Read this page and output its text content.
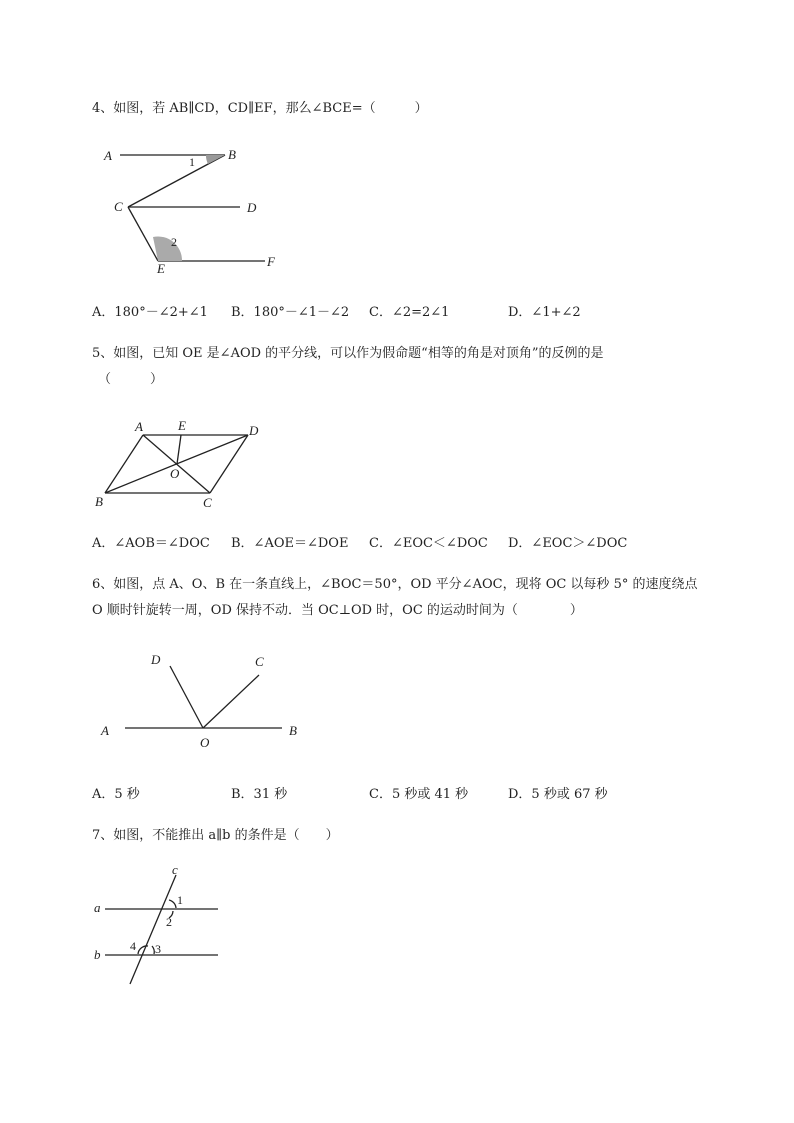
4、如图，若 AB∥CD，CD∥EF，那么∠BCE=（　　　）
A	B
1
C	D
2
E	F
A．180°－∠2+∠1 B．180°－∠1－∠2 C．∠2=2∠1	D．∠1+∠2
5、如图，已知 OE 是∠AOD 的平分线，可以作为假命题“相等的角是对顶角”的反例的是
（　　　）
A	E	D
O
B	C
A．∠AOB＝∠DOC B．∠AOE＝∠DOE C．∠EOC＜∠DOC D．∠EOC＞∠DOC
6、如图，点 A、O、B 在一条直线上，∠BOC＝50°，OD 平分∠AOC，现将 OC 以每秒 5° 的速度绕点
O 顺时针旋转一周，OD 保持不动．当 OC⊥OD 时，OC 的运动时间为（　　　　）
D	C
A
O
B
A．5 秒	B．31 秒	C．5 秒或 41 秒	D．5 秒或 67 秒
7、如图，不能推出 a∥b 的条件是（　　）
c
a	1
2
4 3
b
